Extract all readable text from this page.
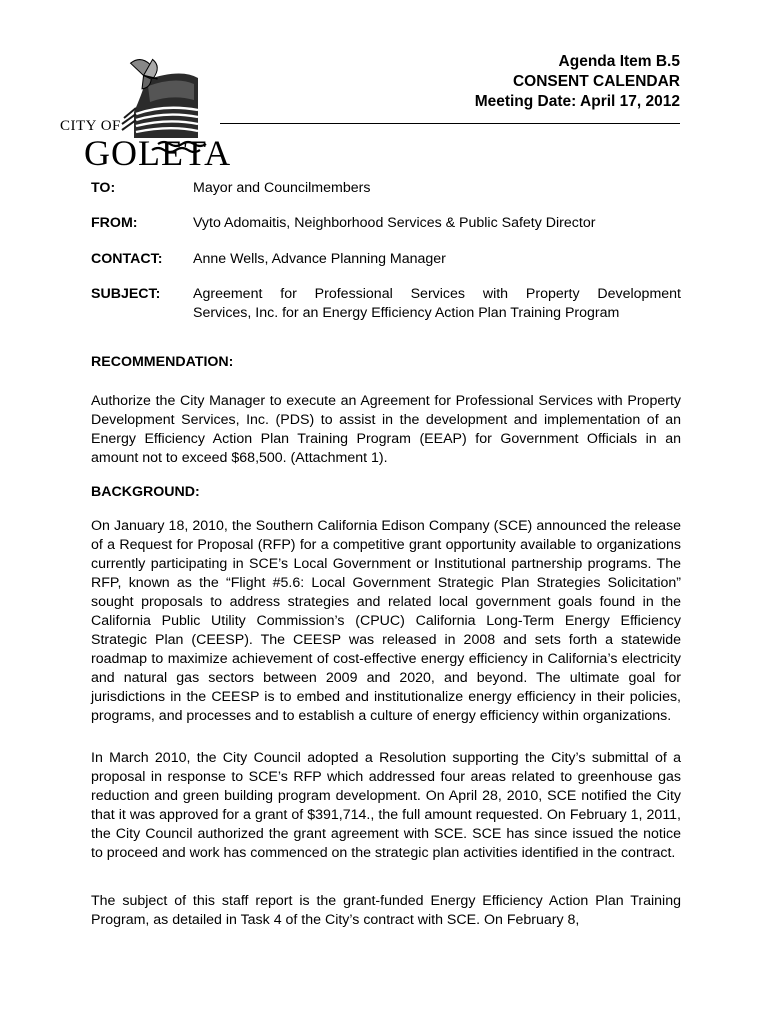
CITY OF
GOLETA
Agenda Item B.5
CONSENT CALENDAR
Meeting Date: April 17, 2012
TO:	Mayor and Councilmembers
FROM:	Vyto Adomaitis, Neighborhood Services & Public Safety Director
CONTACT: Anne Wells, Advance Planning Manager
SUBJECT: Agreement for Professional Services with Property Development
Services, Inc. for an Energy Efficiency Action Plan Training Program
RECOMMENDATION:
Authorize the City Manager to execute an Agreement for Professional Services with Property Development Services, Inc. (PDS) to assist in the development and implementation of an Energy Efficiency Action Plan Training Program (EEAP) for Government Officials in an amount not to exceed $68,500. (Attachment 1).
BACKGROUND:
On January 18, 2010, the Southern California Edison Company (SCE) announced the release of a Request for Proposal (RFP) for a competitive grant opportunity available to organizations currently participating in SCE’s Local Government or Institutional partnership programs. The RFP, known as the “Flight #5.6: Local Government Strategic Plan Strategies Solicitation” sought proposals to address strategies and related local government goals found in the California Public Utility Commission’s (CPUC) California Long-Term Energy Efficiency Strategic Plan (CEESP). The CEESP was released in 2008 and sets forth a statewide roadmap to maximize achievement of cost-effective energy efficiency in California’s electricity and natural gas sectors between 2009 and 2020, and beyond. The ultimate goal for jurisdictions in the CEESP is to embed and institutionalize energy efficiency in their policies, programs, and processes and to establish a culture of energy efficiency within organizations.
In March 2010, the City Council adopted a Resolution supporting the City’s submittal of a proposal in response to SCE’s RFP which addressed four areas related to greenhouse gas reduction and green building program development. On April 28, 2010, SCE notified the City that it was approved for a grant of $391,714., the full amount requested. On February 1, 2011, the City Council authorized the grant agreement with SCE. SCE has since issued the notice to proceed and work has commenced on the strategic plan activities identified in the contract.
The subject of this staff report is the grant-funded Energy Efficiency Action Plan Training Program, as detailed in Task 4 of the City’s contract with SCE. On February 8,
